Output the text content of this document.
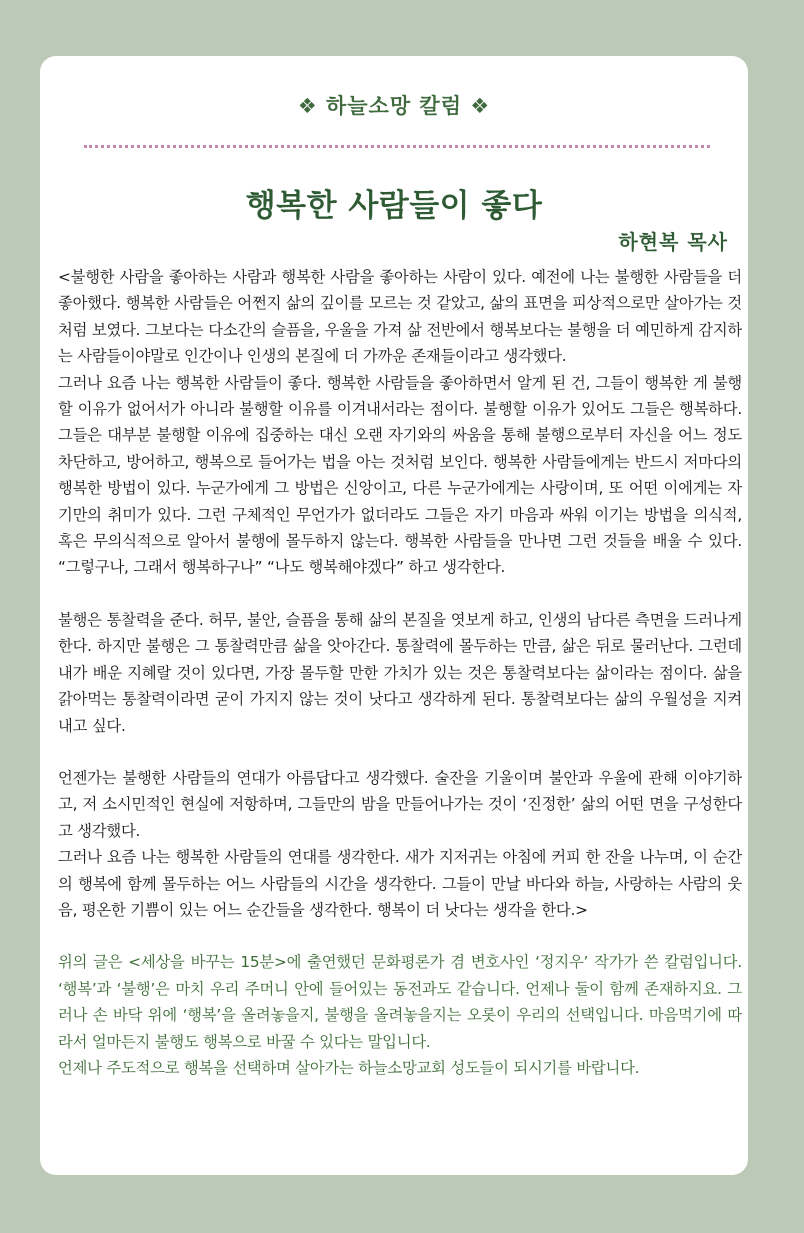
❖ 하늘소망 칼럼 ❖
행복한 사람들이 좋다
하현복 목사

<불행한 사람을 좋아하는 사람과 행복한 사람을 좋아하는 사람이 있다. 예전에 나는 불행한 사람들을 더 좋아했다. 행복한 사람들은 어쩐지 삶의 깊이를 모르는 것 같았고, 삶의 표면을 피상적으로만 살아가는 것처럼 보였다. 그보다는 다소간의 슬픔을, 우울을 가져 삶 전반에서 행복보다는 불행을 더 예민하게 감지하는 사람들이야말로 인간이나 인생의 본질에 더 가까운 존재들이라고 생각했다.

그러나 요즘 나는 행복한 사람들이 좋다. 행복한 사람들을 좋아하면서 알게 된 건, 그들이 행복한 게 불행할 이유가 없어서가 아니라 불행할 이유를 이겨내서라는 점이다. 불행할 이유가 있어도 그들은 행복하다. 그들은 대부분 불행할 이유에 집중하는 대신 오랜 자기와의 싸움을 통해 불행으로부터 자신을 어느 정도 차단하고, 방어하고, 행복으로 들어가는 법을 아는 것처럼 보인다. 행복한 사람들에게는 반드시 저마다의 행복한 방법이 있다. 누군가에게 그 방법은 신앙이고, 다른 누군가에게는 사랑이며, 또 어떤 이에게는 자기만의 취미가 있다. 그런 구체적인 무언가가 없더라도 그들은 자기 마음과 싸워 이기는 방법을 의식적, 혹은 무의식적으로 알아서 불행에 몰두하지 않는다. 행복한 사람들을 만나면 그런 것들을 배울 수 있다. “그렇구나, 그래서 행복하구나” “나도 행복해야겠다” 하고 생각한다.

불행은 통찰력을 준다. 허무, 불안, 슬픔을 통해 삶의 본질을 엿보게 하고, 인생의 남다른 측면을 드러나게 한다. 하지만 불행은 그 통찰력만큼 삶을 앗아간다. 통찰력에 몰두하는 만큼, 삶은 뒤로 물러난다. 그런데 내가 배운 지혜랄 것이 있다면, 가장 몰두할 만한 가치가 있는 것은 통찰력보다는 삶이라는 점이다. 삶을 갉아먹는 통찰력이라면 굳이 가지지 않는 것이 낫다고 생각하게 된다. 통찰력보다는 삶의 우월성을 지켜내고 싶다.

언젠가는 불행한 사람들의 연대가 아름답다고 생각했다. 술잔을 기울이며 불안과 우울에 관해 이야기하고, 저 소시민적인 현실에 저항하며, 그들만의 밤을 만들어나가는 것이 ‘진정한’ 삶의 어떤 면을 구성한다고 생각했다.

그러나 요즘 나는 행복한 사람들의 연대를 생각한다. 새가 지저귀는 아침에 커피 한 잔을 나누며, 이 순간의 행복에 함께 몰두하는 어느 사람들의 시간을 생각한다. 그들이 만날 바다와 하늘, 사랑하는 사람의 웃음, 평온한 기쁨이 있는 어느 순간들을 생각한다. 행복이 더 낫다는 생각을 한다.>

위의 글은 <세상을 바꾸는 15분>에 출연했던 문화평론가 겸 변호사인 ‘정지우’ 작가가 쓴 칼럼입니다. ‘행복’과 ‘불행’은 마치 우리 주머니 안에 들어있는 동전과도 같습니다. 언제나 둘이 함께 존재하지요. 그러나 손 바닥 위에 ‘행복’을 올려놓을지, 불행을 올려놓을지는 오롯이 우리의 선택입니다. 마음먹기에 따라서 얼마든지 불행도 행복으로 바꿀 수 있다는 말입니다.

언제나 주도적으로 행복을 선택하며 살아가는 하늘소망교회 성도들이 되시기를 바랍니다.
